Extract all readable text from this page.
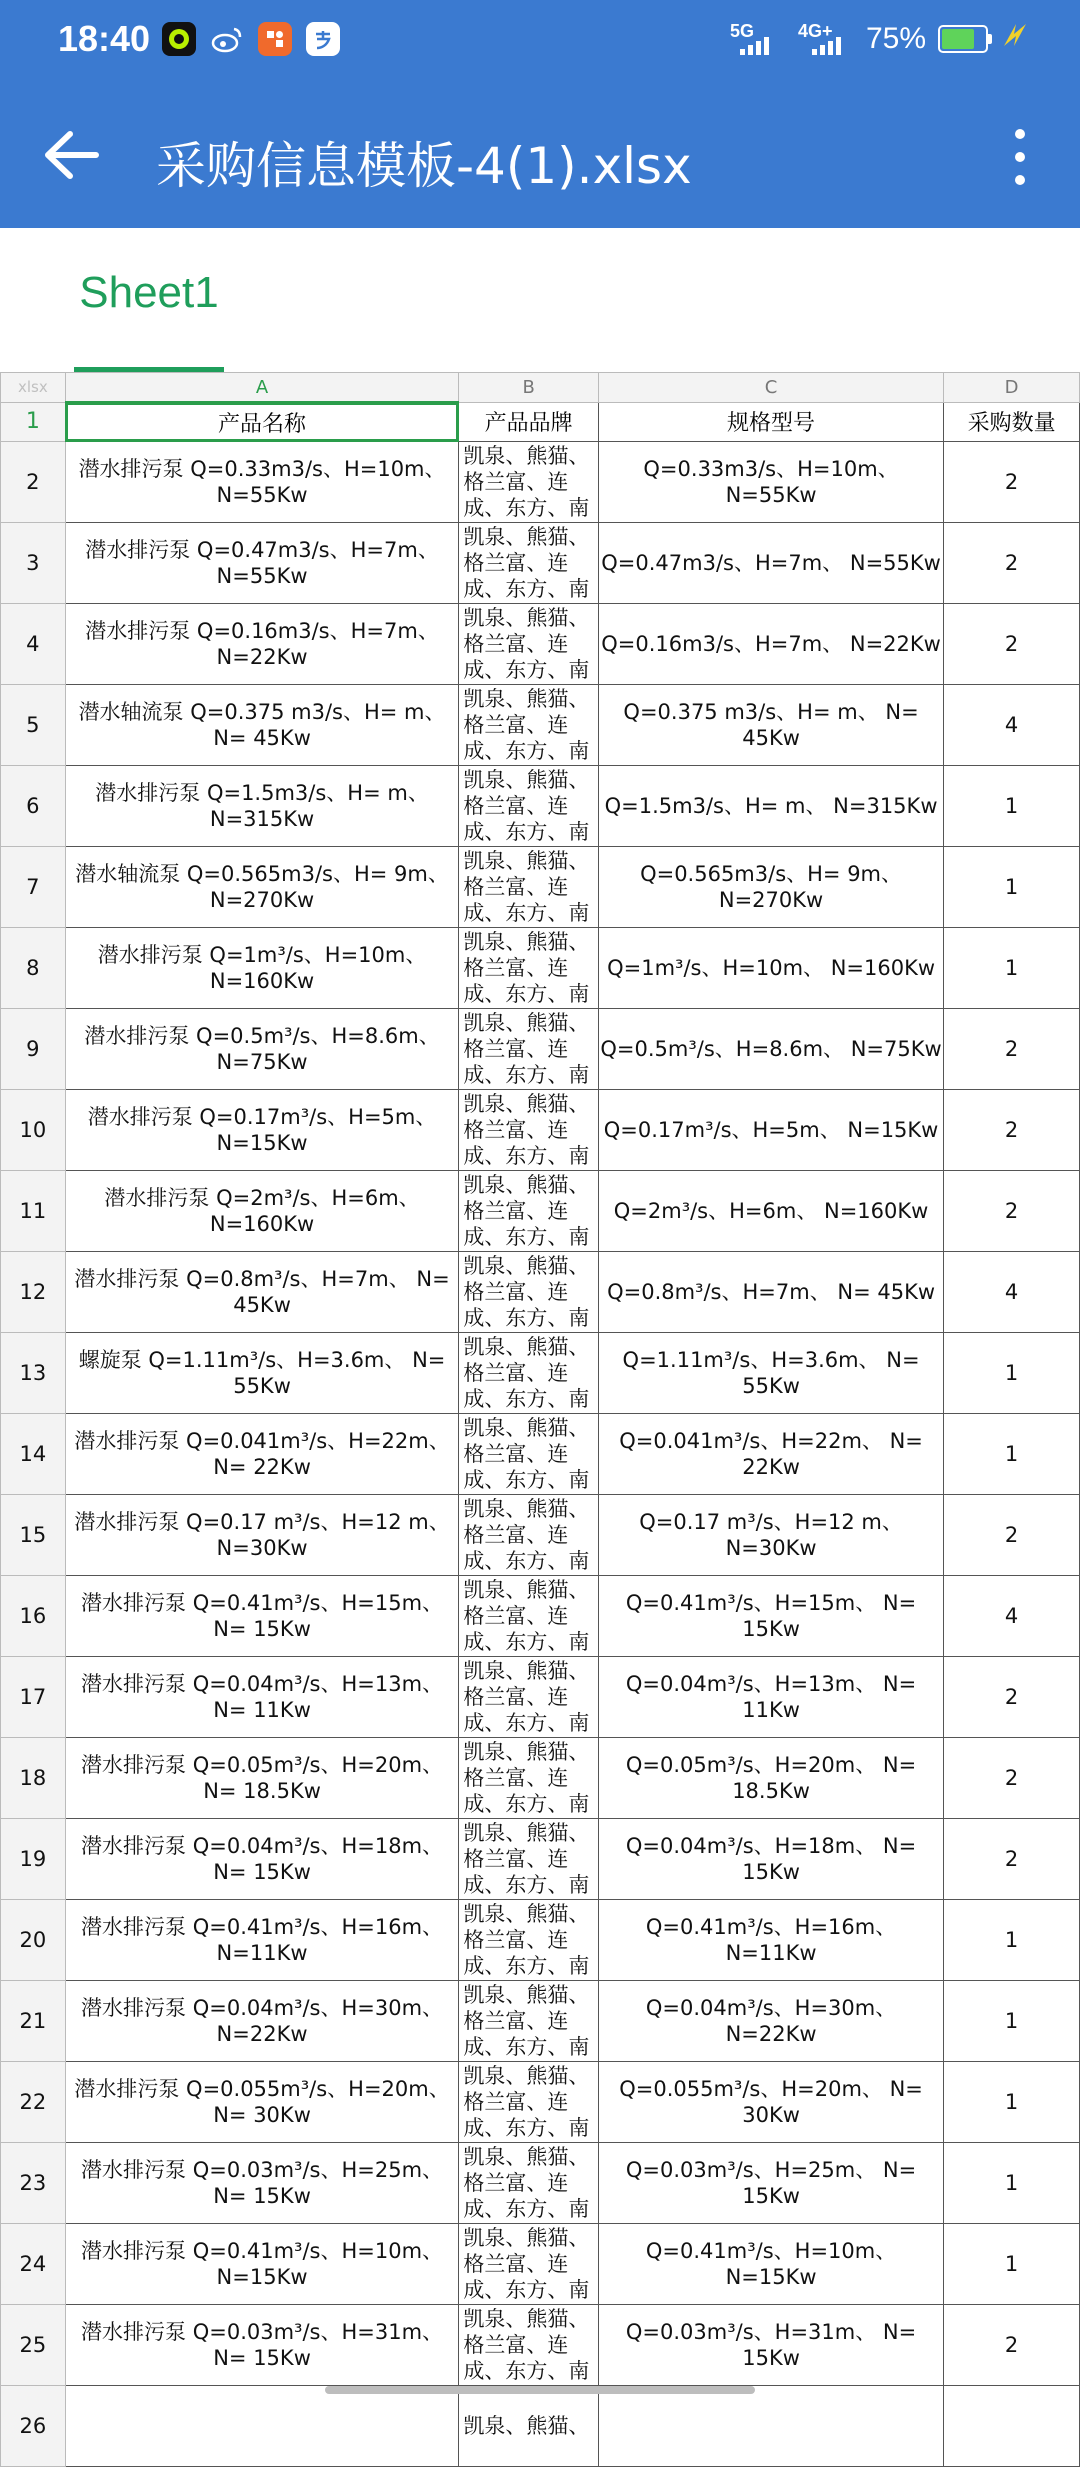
18:40	5G 4G+ 75%
采购信息模板-4(1).xlsx
Sheet1
xlsx	A	B	C	D
1	产品名称	产品品牌	规格型号	采购数量
2	潜水排污泵 Q=0.33m3/s、H=10m、N=55Kw	凯泉、熊猫、格兰富、连成、东方、南	Q=0.33m3/s、H=10m、 N=55Kw	2
3	潜水排污泵 Q=0.47m3/s、H=7m、N=55Kw	凯泉、熊猫、格兰富、连成、东方、南	Q=0.47m3/s、H=7m、 N=55Kw	2
4	潜水排污泵 Q=0.16m3/s、H=7m、N=22Kw	凯泉、熊猫、格兰富、连成、东方、南	Q=0.16m3/s、H=7m、 N=22Kw	2
5	潜水轴流泵 Q=0.375 m3/s、H= m、 N= 45Kw	凯泉、熊猫、格兰富、连成、东方、南	Q=0.375 m3/s、H= m、 N= 45Kw	4
6	潜水排污泵 Q=1.5m3/s、H= m、N=315Kw	凯泉、熊猫、格兰富、连成、东方、南	Q=1.5m3/s、H= m、 N=315Kw	1
7	潜水轴流泵 Q=0.565m3/s、H= 9m、N=270Kw	凯泉、熊猫、格兰富、连成、东方、南	Q=0.565m3/s、H= 9m、 N=270Kw	1
8	潜水排污泵 Q=1m³/s、H=10m、N=160Kw	凯泉、熊猫、格兰富、连成、东方、南	Q=1m³/s、H=10m、 N=160Kw	1
9	潜水排污泵 Q=0.5m³/s、H=8.6m、N=75Kw	凯泉、熊猫、格兰富、连成、东方、南	Q=0.5m³/s、H=8.6m、 N=75Kw	2
10	潜水排污泵 Q=0.17m³/s、H=5m、N=15Kw	凯泉、熊猫、格兰富、连成、东方、南	Q=0.17m³/s、H=5m、 N=15Kw	2
11	潜水排污泵 Q=2m³/s、H=6m、N=160Kw	凯泉、熊猫、格兰富、连成、东方、南	Q=2m³/s、H=6m、 N=160Kw	2
12	潜水排污泵 Q=0.8m³/s、H=7m、 N= 45Kw	凯泉、熊猫、格兰富、连成、东方、南	Q=0.8m³/s、H=7m、 N= 45Kw	4
13	螺旋泵 Q=1.11m³/s、H=3.6m、 N= 55Kw	凯泉、熊猫、格兰富、连成、东方、南	Q=1.11m³/s、H=3.6m、 N= 55Kw	1
14	潜水排污泵 Q=0.041m³/s、H=22m、 N= 22Kw	凯泉、熊猫、格兰富、连成、东方、南	Q=0.041m³/s、H=22m、 N= 22Kw	1
15	潜水排污泵 Q=0.17 m³/s、H=12 m、N=30Kw	凯泉、熊猫、格兰富、连成、东方、南	Q=0.17 m³/s、H=12 m、 N=30Kw	2
16	潜水排污泵 Q=0.41m³/s、H=15m、 N= 15Kw	凯泉、熊猫、格兰富、连成、东方、南	Q=0.41m³/s、H=15m、 N= 15Kw	4
17	潜水排污泵 Q=0.04m³/s、H=13m、 N= 11Kw	凯泉、熊猫、格兰富、连成、东方、南	Q=0.04m³/s、H=13m、 N= 11Kw	2
18	潜水排污泵 Q=0.05m³/s、H=20m、 N= 18.5Kw	凯泉、熊猫、格兰富、连成、东方、南	Q=0.05m³/s、H=20m、 N= 18.5Kw	2
19	潜水排污泵 Q=0.04m³/s、H=18m、 N= 15Kw	凯泉、熊猫、格兰富、连成、东方、南	Q=0.04m³/s、H=18m、 N= 15Kw	2
20	潜水排污泵 Q=0.41m³/s、H=16m、N=11Kw	凯泉、熊猫、格兰富、连成、东方、南	Q=0.41m³/s、H=16m、 N=11Kw	1
21	潜水排污泵 Q=0.04m³/s、H=30m、N=22Kw	凯泉、熊猫、格兰富、连成、东方、南	Q=0.04m³/s、H=30m、 N=22Kw	1
22	潜水排污泵 Q=0.055m³/s、H=20m、 N= 30Kw	凯泉、熊猫、格兰富、连成、东方、南	Q=0.055m³/s、H=20m、 N= 30Kw	1
23	潜水排污泵 Q=0.03m³/s、H=25m、 N= 15Kw	凯泉、熊猫、格兰富、连成、东方、南	Q=0.03m³/s、H=25m、 N= 15Kw	1
24	潜水排污泵 Q=0.41m³/s、H=10m、N=15Kw	凯泉、熊猫、格兰富、连成、东方、南	Q=0.41m³/s、H=10m、 N=15Kw	1
25	潜水排污泵 Q=0.03m³/s、H=31m、 N= 15Kw	凯泉、熊猫、格兰富、连成、东方、南	Q=0.03m³/s、H=31m、 N= 15Kw	2
26		凯泉、熊猫、		
